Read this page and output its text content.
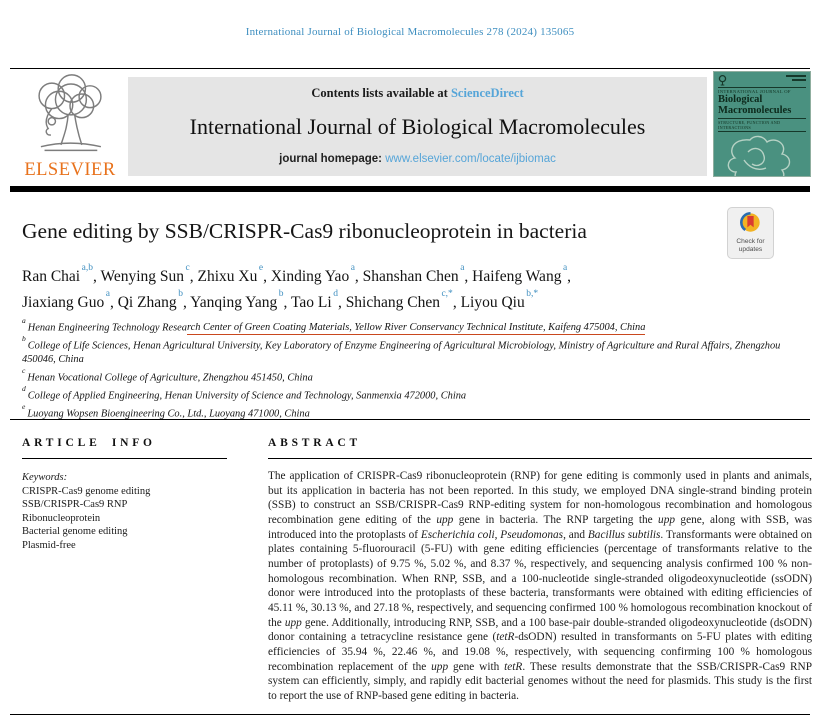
International Journal of Biological Macromolecules 278 (2024) 135065
ELSEVIER
Contents lists available at ScienceDirect
International Journal of Biological Macromolecules
journal homepage: www.elsevier.com/locate/ijbiomac
INTERNATIONAL JOURNAL OF
Biological
Macromolecules
STRUCTURE, FUNCTION AND INTERACTIONS
Gene editing by SSB/CRISPR-Cas9 ribonucleoprotein in bacteria	Check for
updates
Ran Chai$^{a,b}$, Wenying Sun$^c$, Zhixu Xu$^e$, Xinding Yao$^a$, Shanshan Chen$^a$, Haifeng Wang$^a$,
Jiaxiang Guo$^a$, Qi Zhang$^b$, Yanqing Yang$^b$, Tao Li$^d$, Shichang Chen$^{c,*}$, Liyou Qiu$^{b,*}$
$^a$Henan Engineering Technology Research Center of Green Coating Materials, Yellow River Conservancy Technical Institute, Kaifeng 475004, China
$^b$College of Life Sciences, Henan Agricultural University, Key Laboratory of Enzyme Engineering of Agricultural Microbiology, Ministry of Agriculture and Rural Affairs, Zhengzhou 450046, China
$^c$Henan Vocational College of Agriculture, Zhengzhou 451450, China
$^d$College of Applied Engineering, Henan University of Science and Technology, Sanmenxia 472000, China
$^e$Luoyang Wopsen Bioengineering Co., Ltd., Luoyang 471000, China
ARTICLE INFO
Keywords:
CRISPR-Cas9 genome editing
SSB/CRISPR-Cas9 RNP
Ribonucleoprotein
Bacterial genome editing
Plasmid-free
ABSTRACT

The application of CRISPR-Cas9 ribonucleoprotein (RNP) for gene editing is commonly used in plants and animals, but its application in bacteria has not been reported. In this study, we employed DNA single-strand binding protein (SSB) to construct an SSB/CRISPR-Cas9 RNP-editing system for non-homologous recombination and homologous recombination gene editing of the upp gene in bacteria. The RNP targeting the upp gene, along with SSB, was introduced into the protoplasts of Escherichia coli, Pseudomonas, and Bacillus subtilis. Transformants were obtained on plates containing 5-fluorouracil (5-FU) with gene editing efficiencies (percentage of transformants relative to the number of protoplasts) of 9.75 %, 5.02 %, and 8.37 %, respectively, and sequencing analysis confirmed 100 % non-homologous recombination. When RNP, SSB, and a 100-nucleotide single-stranded oligodeoxynucleotide (ssODN) donor were introduced into the protoplasts of these bacteria, transformants were obtained with editing efficiencies of 45.11 %, 30.13 %, and 27.18 %, respectively, and sequencing confirmed 100 % homologous recombination knockout of the upp gene. Additionally, introducing RNP, SSB, and a 100 base-pair double-stranded oligodeoxynucleotide (dsODN) donor containing a tetracycline resistance gene (tetR-dsODN) resulted in transformants on 5-FU plates with editing efficiencies of 35.94 %, 22.46 %, and 19.08 %, respectively, with sequencing confirming 100 % homologous recombination replacement of the upp gene with tetR. These results demonstrate that the SSB/CRISPR-Cas9 RNP system can efficiently, simply, and rapidly edit bacterial genomes without the need for plasmids. This study is the first to report the use of RNP-based gene editing in bacteria.
